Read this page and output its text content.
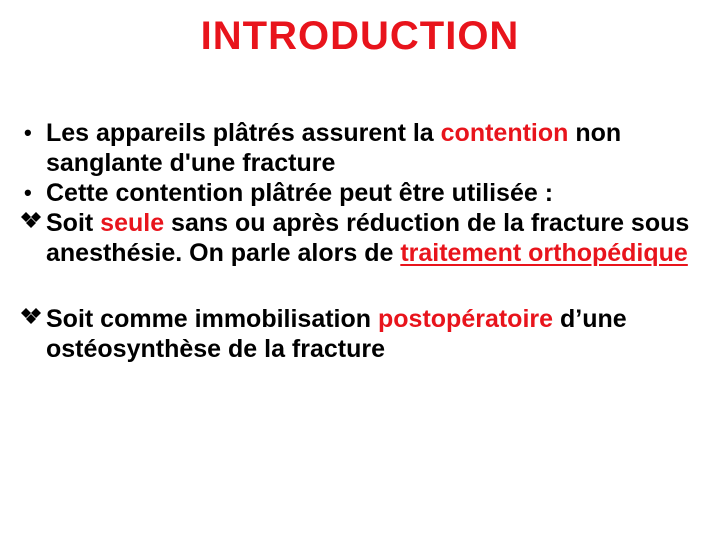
INTRODUCTION

• Les appareils plâtrés assurent la contention non sanglante d'une fracture

• Cette contention plâtrée peut être utilisée :

Soit seule sans ou après réduction de la fracture sous anesthésie. On parle alors de traitement orthopédique

Soit comme immobilisation postopératoire d’une ostéosynthèse de la fracture
